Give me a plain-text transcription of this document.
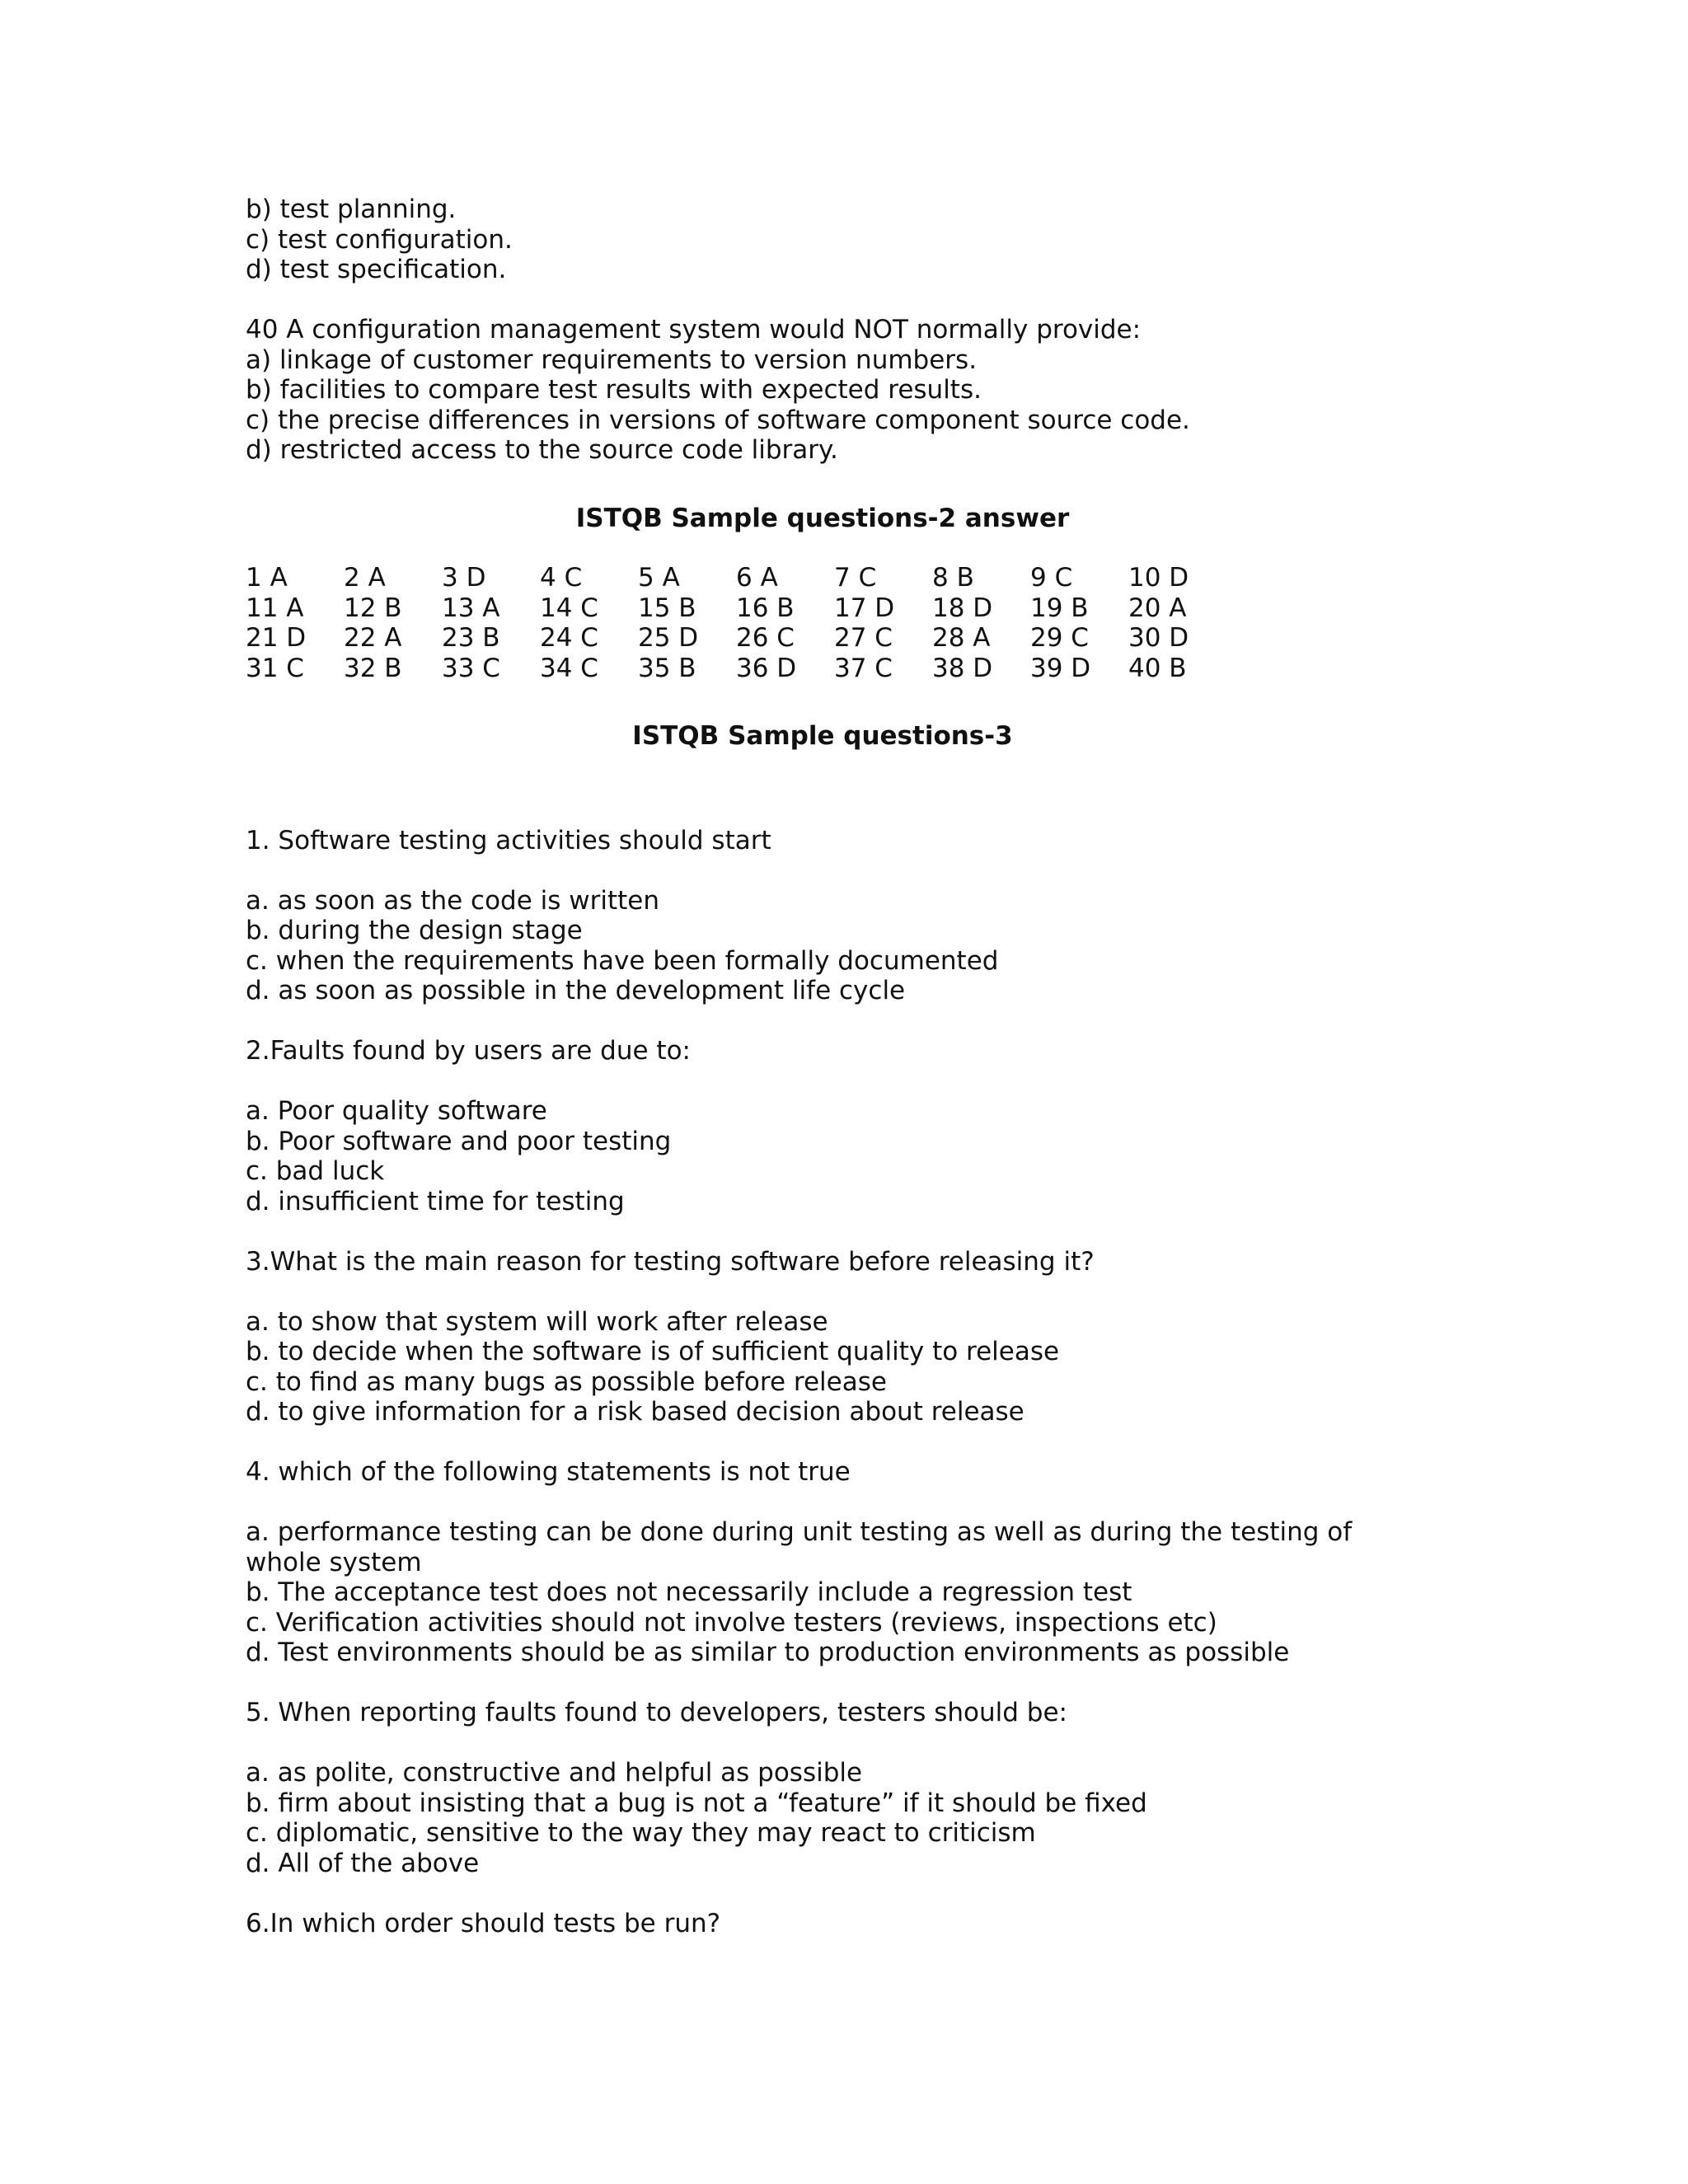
b) test planning.

c) test configuration.

d) test specification.

40 A configuration management system would NOT normally provide:

a) linkage of customer requirements to version numbers.

b) facilities to compare test results with expected results.

c) the precise differences in versions of software component source code.

d) restricted access to the source code library.

ISTQB Sample questions-2 answer

1 A	2 A	3 D	4 C	5 A	6 A	7 C	8 B	9 C	10 D
11 A	12 B	13 A	14 C	15 B	16 B	17 D	18 D	19 B	20 A
21 D	22 A	23 B	24 C	25 D	26 C	27 C	28 A	29 C	30 D
31 C	32 B	33 C	34 C	35 B	36 D	37 C	38 D	39 D	40 B

ISTQB Sample questions-3

1. Software testing activities should start

a. as soon as the code is written

b. during the design stage

c. when the requirements have been formally documented

d. as soon as possible in the development life cycle

2.Faults found by users are due to:

a. Poor quality software

b. Poor software and poor testing

c. bad luck

d. insufficient time for testing

3.What is the main reason for testing software before releasing it?

a. to show that system will work after release

b. to decide when the software is of sufficient quality to release

c. to find as many bugs as possible before release

d. to give information for a risk based decision about release

4. which of the following statements is not true

a. performance testing can be done during unit testing as well as during the testing of whole system

b. The acceptance test does not necessarily include a regression test

c. Verification activities should not involve testers (reviews, inspections etc)

d. Test environments should be as similar to production environments as possible

5. When reporting faults found to developers, testers should be:

a. as polite, constructive and helpful as possible

b. firm about insisting that a bug is not a “feature” if it should be fixed

c. diplomatic, sensitive to the way they may react to criticism

d. All of the above

6.In which order should tests be run?
